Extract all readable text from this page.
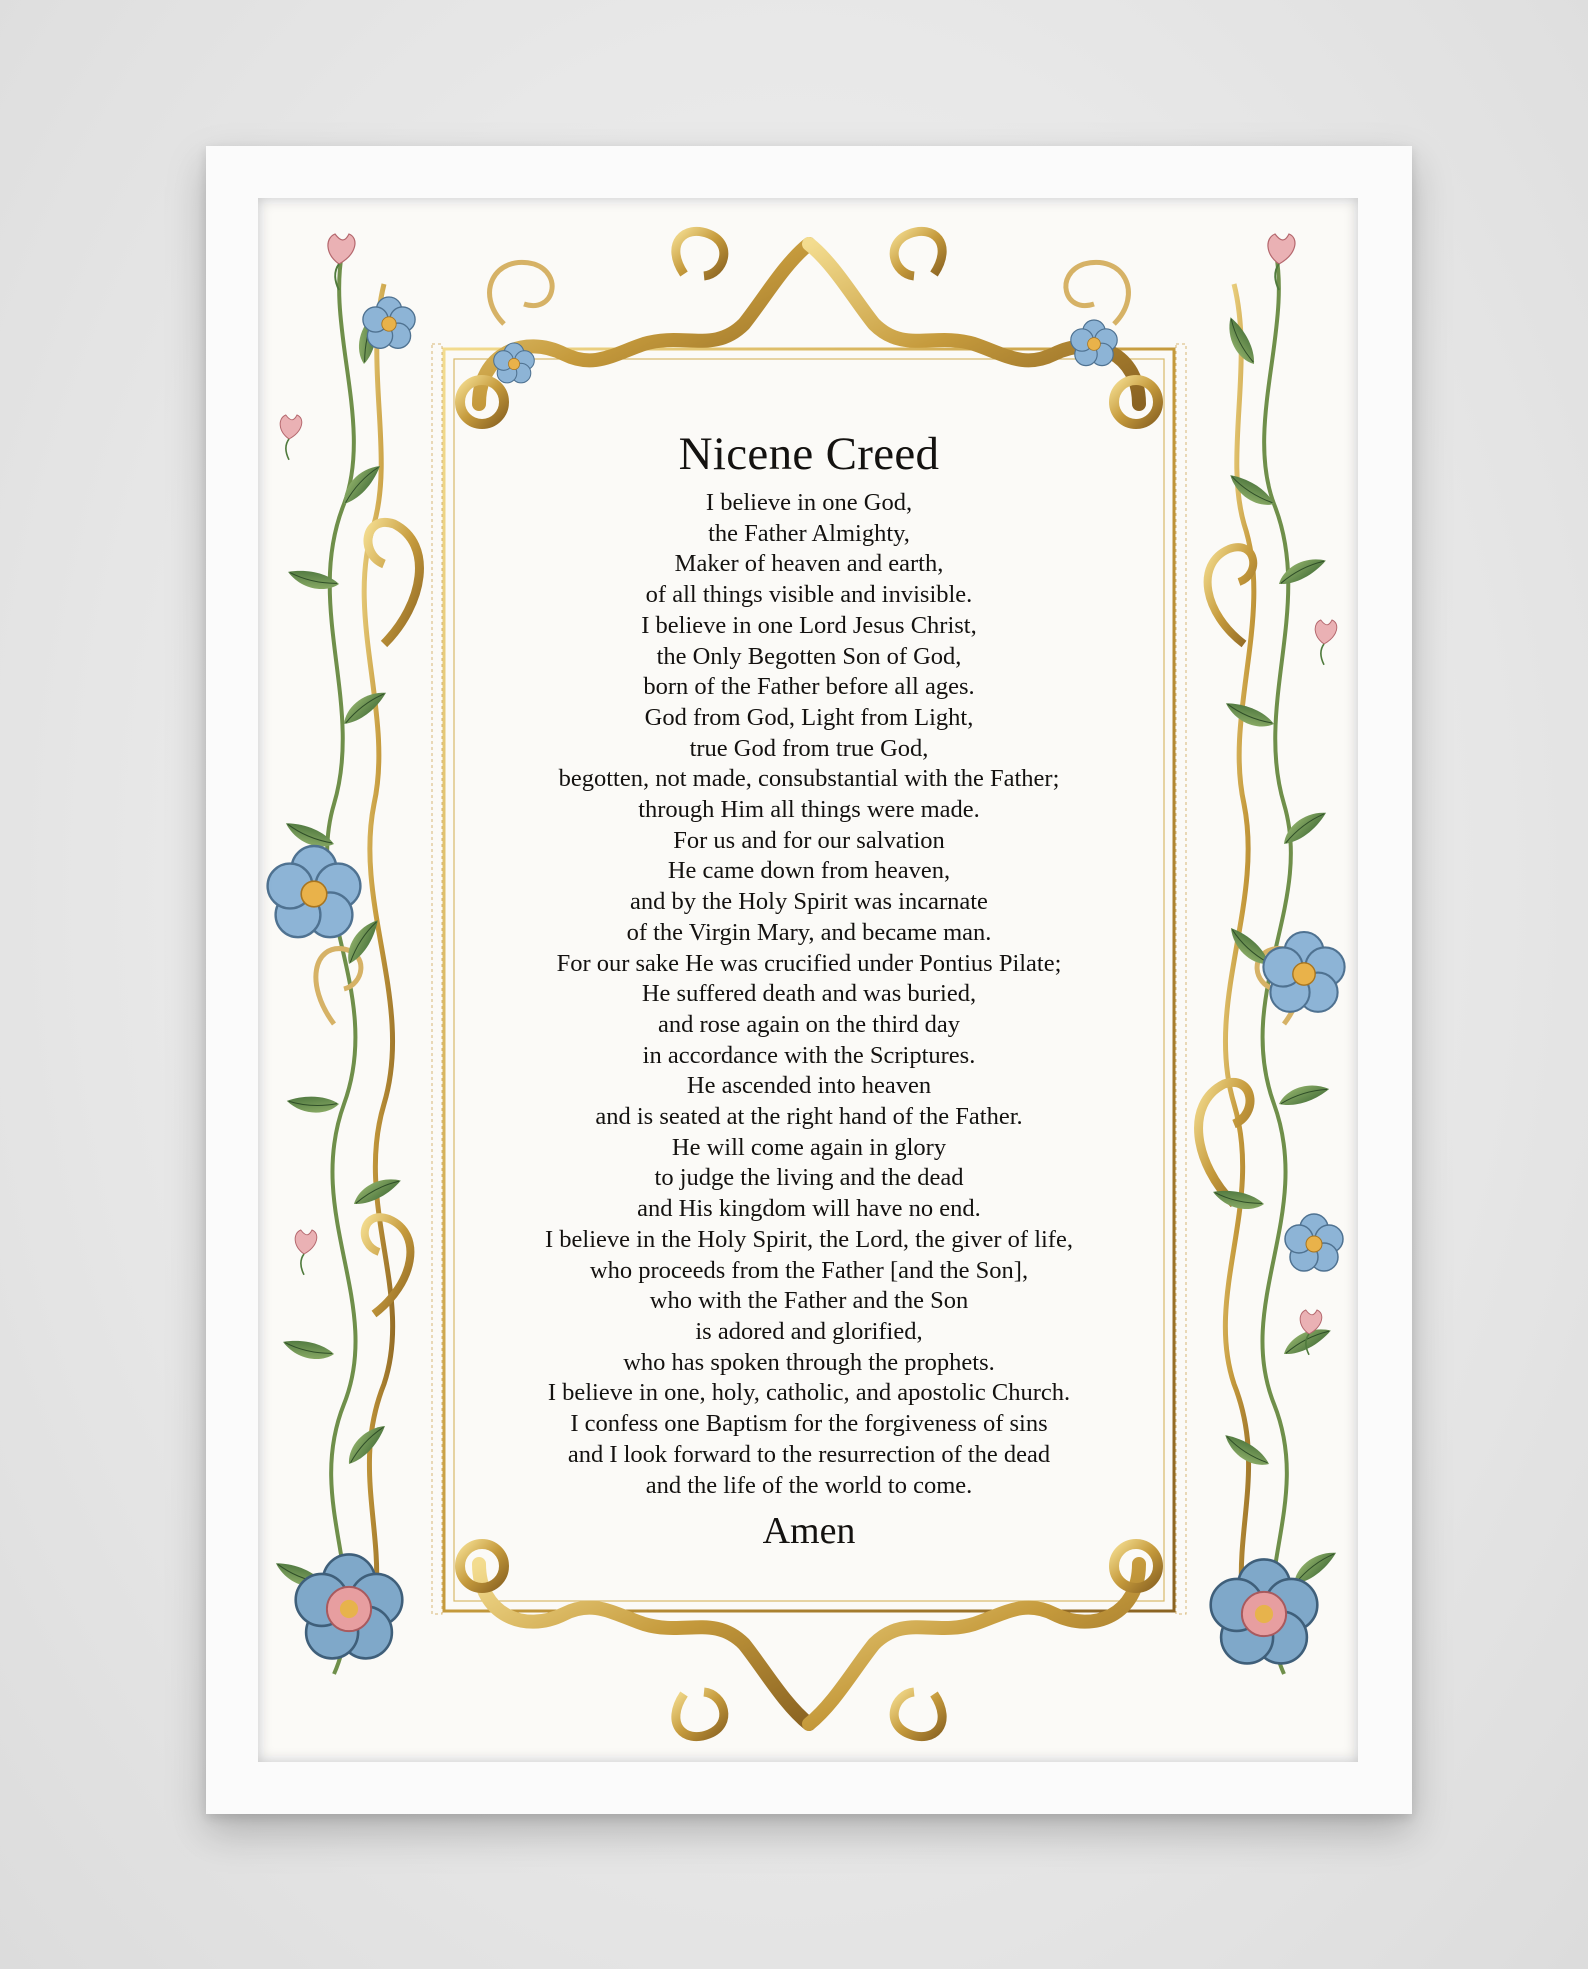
Nicene Creed
I believe in one God,
the Father Almighty,
Maker of heaven and earth,
of all things visible and invisible.
I believe in one Lord Jesus Christ,
the Only Begotten Son of God,
born of the Father before all ages.
God from God, Light from Light,
true God from true God,
begotten, not made, consubstantial with the Father;
through Him all things were made.
For us and for our salvation
He came down from heaven,
and by the Holy Spirit was incarnate
of the Virgin Mary, and became man.
For our sake He was crucified under Pontius Pilate;
He suffered death and was buried,
and rose again on the third day
in accordance with the Scriptures.
He ascended into heaven
and is seated at the right hand of the Father.
He will come again in glory
to judge the living and the dead
and His kingdom will have no end.
I believe in the Holy Spirit, the Lord, the giver of life,
who proceeds from the Father [and the Son],
who with the Father and the Son
is adored and glorified,
who has spoken through the prophets.
I believe in one, holy, catholic, and apostolic Church.
I confess one Baptism for the forgiveness of sins
and I look forward to the resurrection of the dead
and the life of the world to come.
Amen
